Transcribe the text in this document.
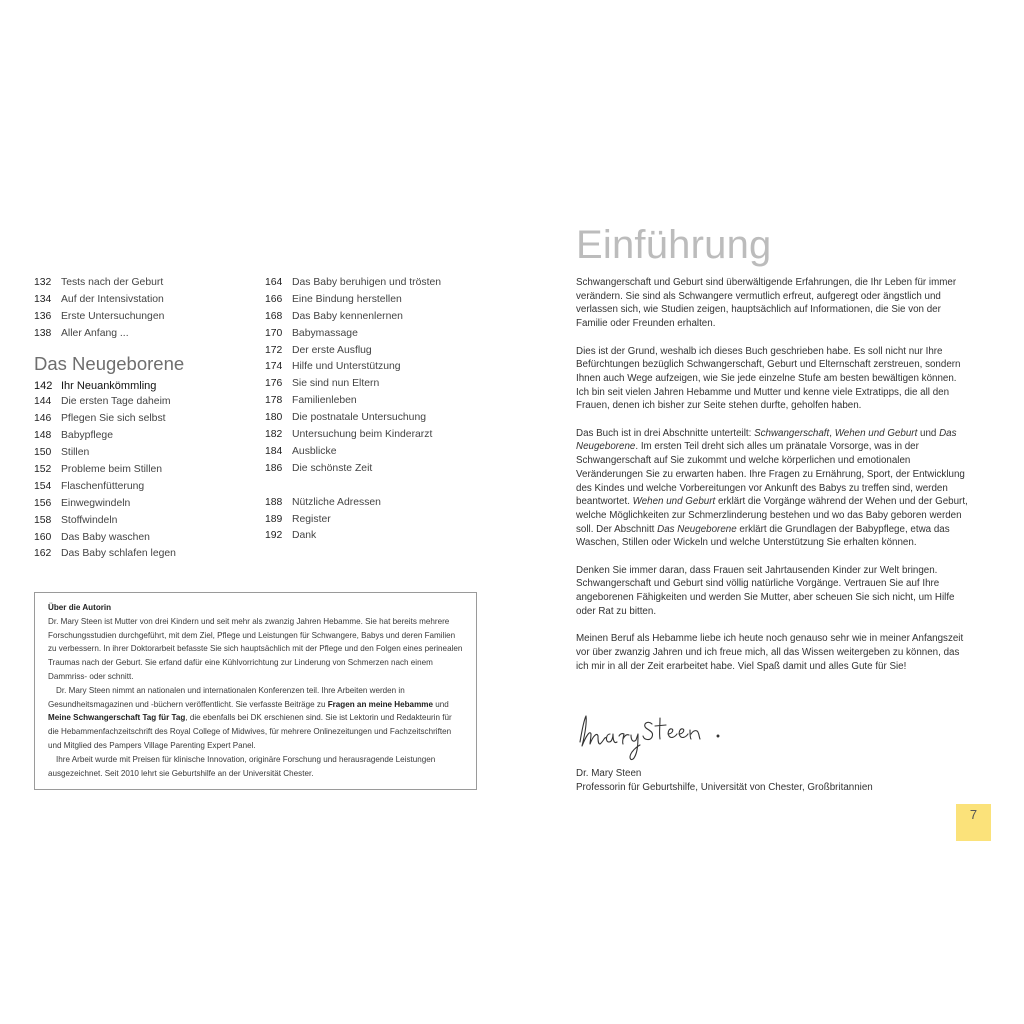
132 Tests nach der Geburt
134 Auf der Intensivstation
136 Erste Untersuchungen
138 Aller Anfang ...
Das Neugeborene
142 Ihr Neuankömmling
144 Die ersten Tage daheim
146 Pflegen Sie sich selbst
148 Babypflege
150 Stillen
152 Probleme beim Stillen
154 Flaschenfütterung
156 Einwegwindeln
158 Stoffwindeln
160 Das Baby waschen
162 Das Baby schlafen legen
164 Das Baby beruhigen und trösten
166 Eine Bindung herstellen
168 Das Baby kennenlernen
170 Babymassage
172 Der erste Ausflug
174 Hilfe und Unterstützung
176 Sie sind nun Eltern
178 Familienleben
180 Die postnatale Untersuchung
182 Untersuchung beim Kinderarzt
184 Ausblicke
186 Die schönste Zeit
188 Nützliche Adressen
189 Register
192 Dank
Über die Autorin

Dr. Mary Steen ist Mutter von drei Kindern und seit mehr als zwanzig Jahren Hebamme. Sie hat bereits mehrere Forschungsstudien durchgeführt, mit dem Ziel, Pflege und Leistungen für Schwangere, Babys und deren Familien zu verbessern. In ihrer Doktorarbeit befasste Sie sich hauptsächlich mit der Pflege und den Folgen eines perinealen Traumas nach der Geburt. Sie erfand dafür eine Kühlvorrichtung zur Linderung von Schmerzen nach einem Dammriss- oder schnitt.

Dr. Mary Steen nimmt an nationalen und internationalen Konferenzen teil. Ihre Arbeiten werden in Gesundheitsmagazinen und -büchern veröffentlicht. Sie verfasste Beiträge zu Fragen an meine Hebamme und Meine Schwangerschaft Tag für Tag, die ebenfalls bei DK erschienen sind. Sie ist Lektorin und Redakteurin für die Hebammenfachzeitschrift des Royal College of Midwives, für mehrere Onlinezeitungen und Fachzeitschriften und Mitglied des Pampers Village Parenting Expert Panel.

Ihre Arbeit wurde mit Preisen für klinische Innovation, originäre Forschung und herausragende Leistungen ausgezeichnet. Seit 2010 lehrt sie Geburtshilfe an der Universität Chester.

Einführung

Schwangerschaft und Geburt sind überwältigende Erfahrungen, die Ihr Leben für immer verändern. Sie sind als Schwangere vermutlich erfreut, aufgeregt oder ängstlich und verlassen sich, wie Studien zeigen, hauptsächlich auf Informationen, die Sie von der Familie oder Freunden erhalten.

Dies ist der Grund, weshalb ich dieses Buch geschrieben habe. Es soll nicht nur Ihre Befürchtungen bezüglich Schwangerschaft, Geburt und Elternschaft zerstreuen, sondern Ihnen auch Wege aufzeigen, wie Sie jede einzelne Stufe am besten bewältigen können. Ich bin seit vielen Jahren Hebamme und Mutter und kenne viele Extratipps, die all den Frauen, denen ich bisher zur Seite stehen durfte, geholfen haben.

Das Buch ist in drei Abschnitte unterteilt: Schwangerschaft, Wehen und Geburt und Das Neugeborene. Im ersten Teil dreht sich alles um pränatale Vorsorge, was in der Schwangerschaft auf Sie zukommt und welche körperlichen und emotionalen Veränderungen Sie zu erwarten haben. Ihre Fragen zu Ernährung, Sport, der Entwicklung des Kindes und welche Vorbereitungen vor Ankunft des Babys zu treffen sind, werden beantwortet. Wehen und Geburt erklärt die Vorgänge während der Wehen und der Geburt, welche Möglichkeiten zur Schmerzlinderung bestehen und wo das Baby geboren werden soll. Der Abschnitt Das Neugeborene erklärt die Grundlagen der Babypflege, etwa das Waschen, Stillen oder Wickeln und welche Unterstützung Sie erhalten können.

Denken Sie immer daran, dass Frauen seit Jahrtausenden Kinder zur Welt bringen. Schwangerschaft und Geburt sind völlig natürliche Vorgänge. Vertrauen Sie auf Ihre angeborenen Fähigkeiten und werden Sie Mutter, aber scheuen Sie sich nicht, um Hilfe oder Rat zu bitten.

Meinen Beruf als Hebamme liebe ich heute noch genauso sehr wie in meiner Anfangszeit vor über zwanzig Jahren und ich freue mich, all das Wissen weitergeben zu können, das ich mir in all der Zeit erarbeitet habe. Viel Spaß damit und alles Gute für Sie!

Dr. Mary Steen
Professorin für Geburtshilfe, Universität von Chester, Großbritannien
7
